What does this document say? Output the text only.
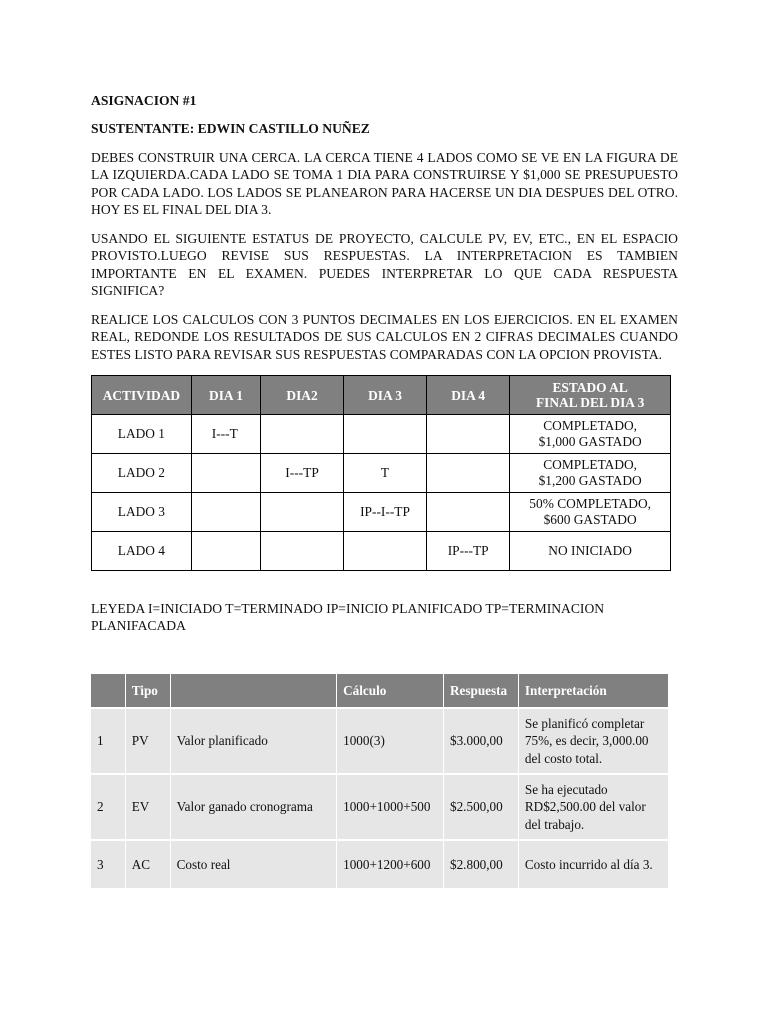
ASIGNACION #1
SUSTENTANTE: EDWIN CASTILLO NUÑEZ

DEBES CONSTRUIR UNA CERCA. LA CERCA TIENE 4 LADOS COMO SE VE EN LA FIGURA DE LA IZQUIERDA.CADA LADO SE TOMA 1 DIA PARA CONSTRUIRSE Y $1,000 SE PRESUPUESTO POR CADA LADO. LOS LADOS SE PLANEARON PARA HACERSE UN DIA DESPUES DEL OTRO. HOY ES EL FINAL DEL DIA 3.

USANDO EL SIGUIENTE ESTATUS DE PROYECTO, CALCULE PV, EV, ETC., EN EL ESPACIO PROVISTO.LUEGO REVISE SUS RESPUESTAS. LA INTERPRETACION ES TAMBIEN IMPORTANTE EN EL EXAMEN. PUEDES INTERPRETAR LO QUE CADA RESPUESTA SIGNIFICA?

REALICE LOS CALCULOS CON 3 PUNTOS DECIMALES EN LOS EJERCICIOS. EN EL EXAMEN REAL, REDONDE LOS RESULTADOS DE SUS CALCULOS EN 2 CIFRAS DECIMALES CUANDO ESTES LISTO PARA REVISAR SUS RESPUESTAS COMPARADAS CON LA OPCION PROVISTA.

ACTIVIDAD	DIA 1	DIA2	DIA 3	DIA 4	ESTADO AL
FINAL DEL DIA 3
LADO 1	I---T				COMPLETADO,
$1,000 GASTADO
LADO 2		I---TP	T		COMPLETADO,
$1,200 GASTADO
LADO 3			IP--I--TP		50% COMPLETADO,
$600 GASTADO
LADO 4				IP---TP	NO INICIADO

LEYEDA I=INICIADO T=TERMINADO IP=INICIO PLANIFICADO TP=TERMINACION PLANIFACADA

	Tipo		Cálculo	Respuesta	Interpretación
1	PV	Valor planificado	1000(3)	$3.000,00	Se planificó completar 75%, es decir, 3,000.00 del costo total.
2	EV	Valor ganado cronograma	1000+1000+500	$2.500,00	Se ha ejecutado RD$2,500.00 del valor del trabajo.
3	AC	Costo real	1000+1200+600	$2.800,00	Costo incurrido al día 3.
